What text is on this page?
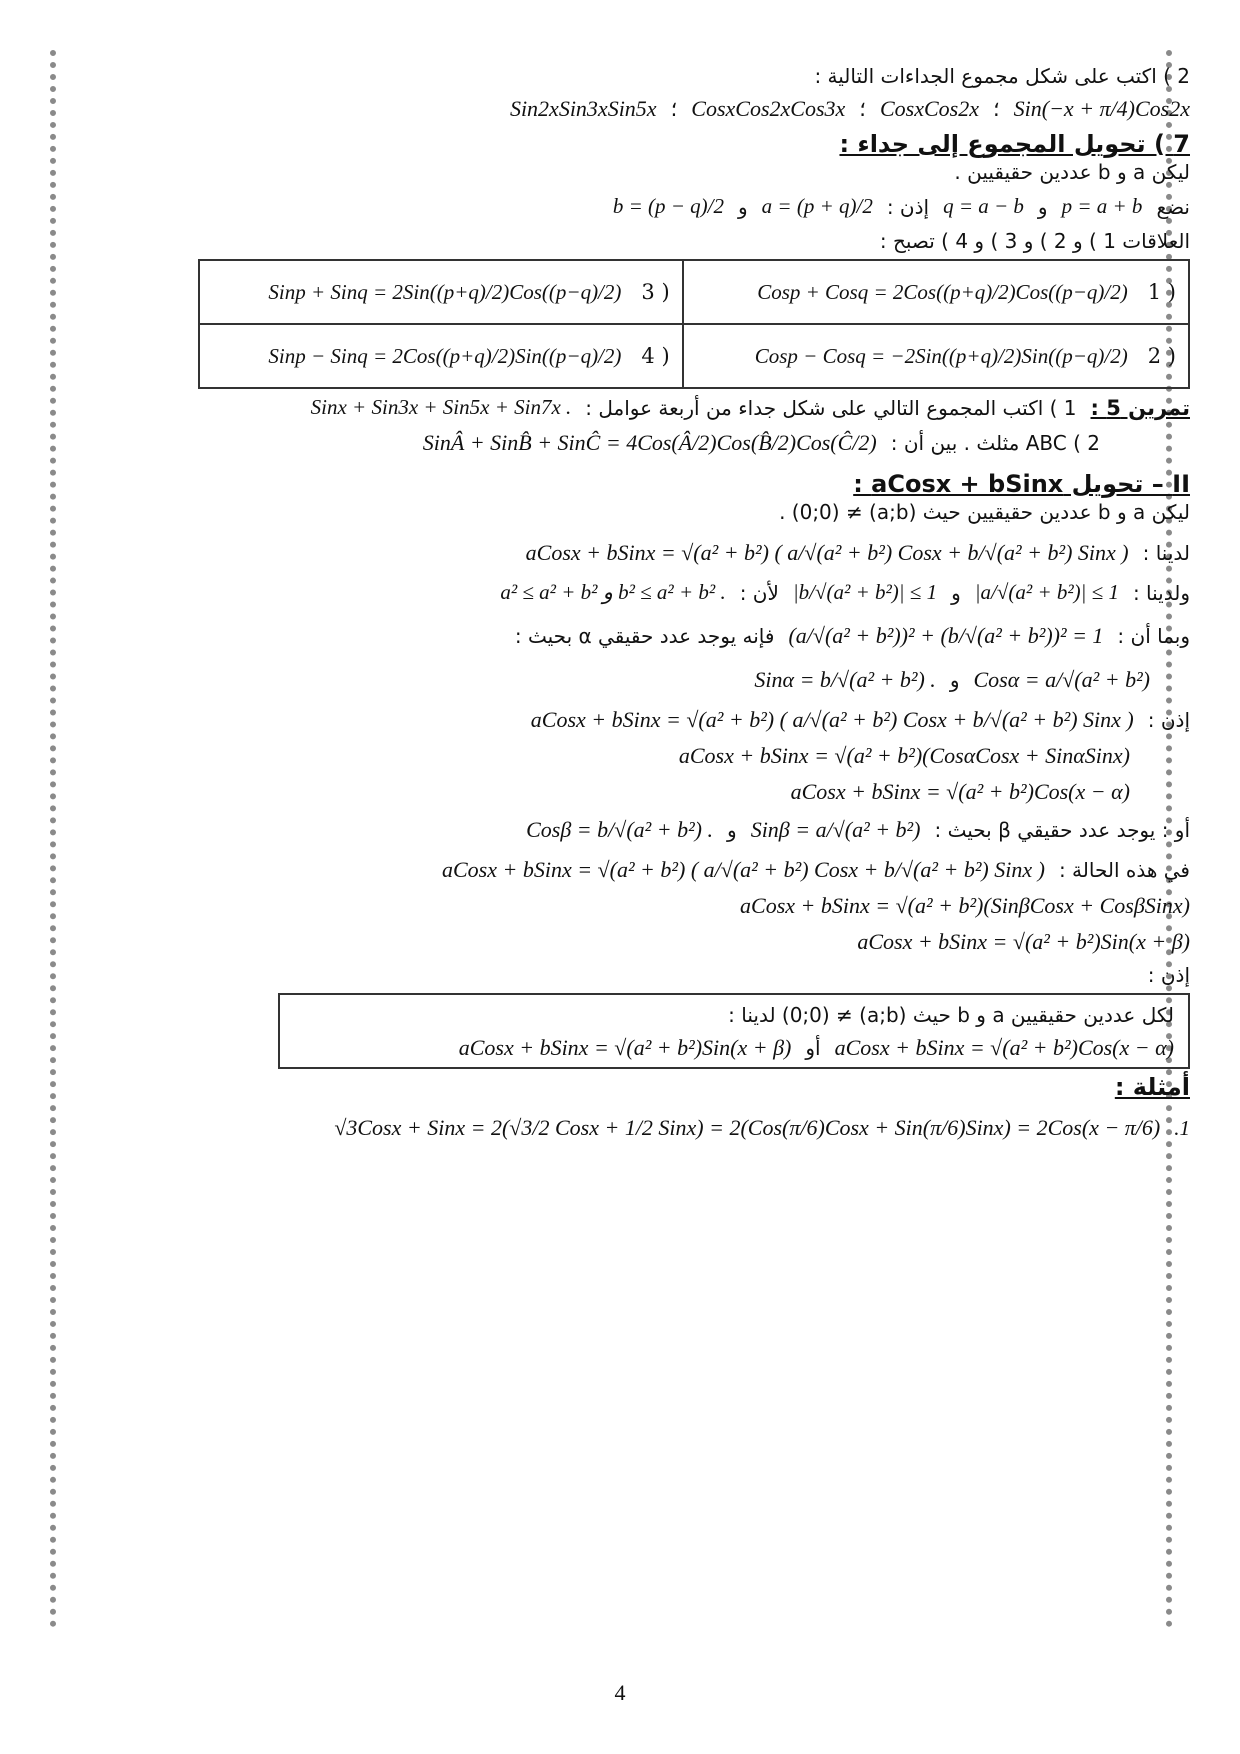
2 ) اكتب على شكل مجموع الجداءات التالية :

Sin(−x + π/4)Cos2x
؛
CosxCos2x
؛
CosxCos2xCos3x
؛
Sin2xSin3xSin5x

7 ) تحويل المجموع إلى جداء :

ليكن a و b عددين حقيقيين .

نضع
p = a + b
و
q = a − b
إذن :
a = (p + q)/2
و
b = (p − q)/2

العلاقات 1 ) و 2 ) و 3 ) و 4 ) تصبح :

( 1   Cosp + Cosq = 2Cos((p+q)/2)Cos((p−q)/2)	( 3   Sinp + Sinq = 2Sin((p+q)/2)Cos((p−q)/2)
( 2   Cosp − Cosq = −2Sin((p+q)/2)Sin((p−q)/2)	( 4   Sinp − Sinq = 2Cos((p+q)/2)Sin((p−q)/2)
تمرين 5 :
1 ) اكتب المجموع التالي على شكل جداء من أربعة عوامل :
Sinx + Sin3x + Sin5x + Sin7x .
2 ) ABC مثلث . بين أن :
SinÂ + SinB̂ + SinĈ = 4Cos(Â/2)Cos(B̂/2)Cos(Ĉ/2)

II – تحويل aCosx + bSinx :

ليكن a و b عددين حقيقيين حيث (a;b) ≠ (0;0) .

لدينا :
aCosx + bSinx = √(a² + b²) ( a/√(a² + b²) Cosx + b/√(a² + b²) Sinx )
ولدينا :
|a/√(a² + b²)| ≤ 1
و
|b/√(a² + b²)| ≤ 1
لأن :
a² ≤ a² + b² و b² ≤ a² + b² .
وبما أن :
(a/√(a² + b²))² + (b/√(a² + b²))² = 1
فإنه يوجد عدد حقيقي α بحيث :
Cosα = a/√(a² + b²)
و
Sinα = b/√(a² + b²) .
إذن :
aCosx + bSinx = √(a² + b²) ( a/√(a² + b²) Cosx + b/√(a² + b²) Sinx )
aCosx + bSinx = √(a² + b²)(CosαCosx + SinαSinx)
aCosx + bSinx = √(a² + b²)Cos(x − α)
أو : يوجد عدد حقيقي β بحيث :
Sinβ = a/√(a² + b²)
و
Cosβ = b/√(a² + b²) .
في هذه الحالة :
aCosx + bSinx = √(a² + b²) ( a/√(a² + b²) Cosx + b/√(a² + b²) Sinx )
aCosx + bSinx = √(a² + b²)(SinβCosx + CosβSinx)
aCosx + bSinx = √(a² + b²)Sin(x + β)

إذن :

لكل عددين حقيقيين a و b حيث (a;b) ≠ (0;0) لدينا :

aCosx + bSinx = √(a² + b²)Cos(x − α)
أو
aCosx + bSinx = √(a² + b²)Sin(x + β)

أمثلة :

.1
√3Cosx + Sinx = 2(√3/2 Cosx + 1/2 Sinx) = 2(Cos(π/6)Cosx + Sin(π/6)Sinx) = 2Cos(x − π/6)
4
